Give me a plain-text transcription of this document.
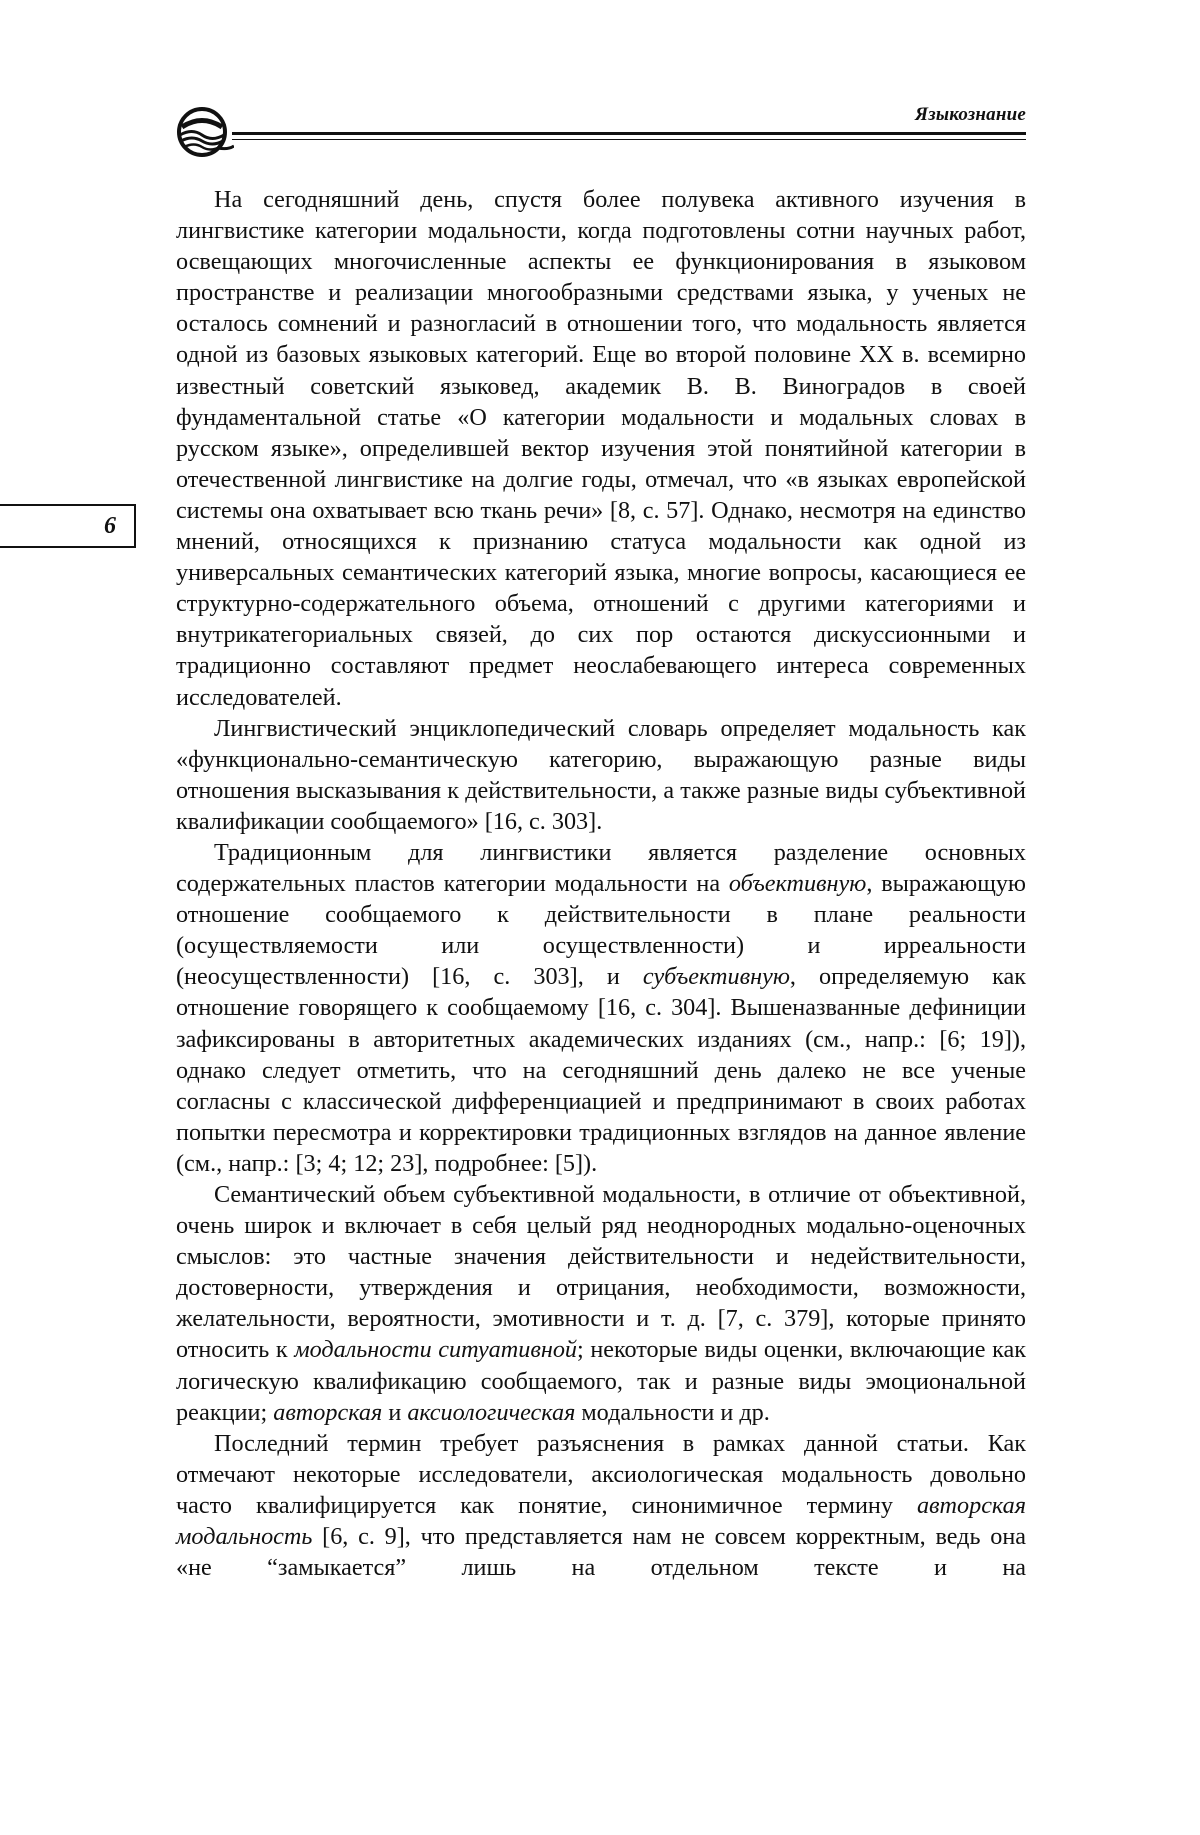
Языкознание
6

На сегодняшний день, спустя более полувека активного изучения в лингвистике категории модальности, когда подготовлены сотни научных работ, освещающих многочисленные аспекты ее функционирования в языковом пространстве и реализации многообразными средствами языка, у ученых не осталось сомнений и разногласий в отношении того, что модальность является одной из базовых языковых категорий. Еще во второй половине XX в. всемирно известный советский языковед, академик В. В. Виноградов в своей фундаментальной статье «О категории модальности и модальных словах в русском языке», определившей вектор изучения этой понятийной категории в отечественной лингвистике на долгие годы, отмечал, что «в языках европейской системы она охватывает всю ткань речи» [8, с. 57]. Однако, несмотря на единство мнений, относящихся к признанию статуса модальности как одной из универсальных семантических категорий языка, многие вопросы, касающиеся ее структурно-содержательного объема, отношений с другими категориями и внутрикатегориальных связей, до сих пор остаются дискуссионными и традиционно составляют предмет неослабевающего интереса современных исследователей.

Лингвистический энциклопедический словарь определяет модальность как «функционально-семантическую категорию, выражающую разные виды отношения высказывания к действительности, а также разные виды субъективной квалификации сообщаемого» [16, с. 303].

Традиционным для лингвистики является разделение основных содержательных пластов категории модальности на объективную, выражающую отношение сообщаемого к действительности в плане реальности (осуществляемости или осуществленности) и ирреальности (неосуществленности) [16, с. 303], и субъективную, определяемую как отношение говорящего к сообщаемому [16, с. 304]. Вышеназванные дефиниции зафиксированы в авторитетных академических изданиях (см., напр.: [6; 19]), однако следует отметить, что на сегодняшний день далеко не все ученые согласны с классической дифференциацией и предпринимают в своих работах попытки пересмотра и корректировки традиционных взглядов на данное явление (см., напр.: [3; 4; 12; 23], подробнее: [5]).

Семантический объем субъективной модальности, в отличие от объективной, очень широк и включает в себя целый ряд неоднородных модально-оценочных смыслов: это частные значения действительности и недействительности, достоверности, утверждения и отрицания, необходимости, возможности, желательности, вероятности, эмотивности и т. д. [7, с. 379], которые принято относить к модальности ситуативной; некоторые виды оценки, включающие как логическую квалификацию сообщаемого, так и разные виды эмоциональной реакции; авторская и аксиологическая модальности и др.

Последний термин требует разъяснения в рамках данной статьи. Как отмечают некоторые исследователи, аксиологическая модальность довольно часто квалифицируется как понятие, синонимичное термину авторская модальность [6, с. 9], что представляется нам не совсем корректным, ведь она «не “замыкается” лишь на отдельном тексте и на
